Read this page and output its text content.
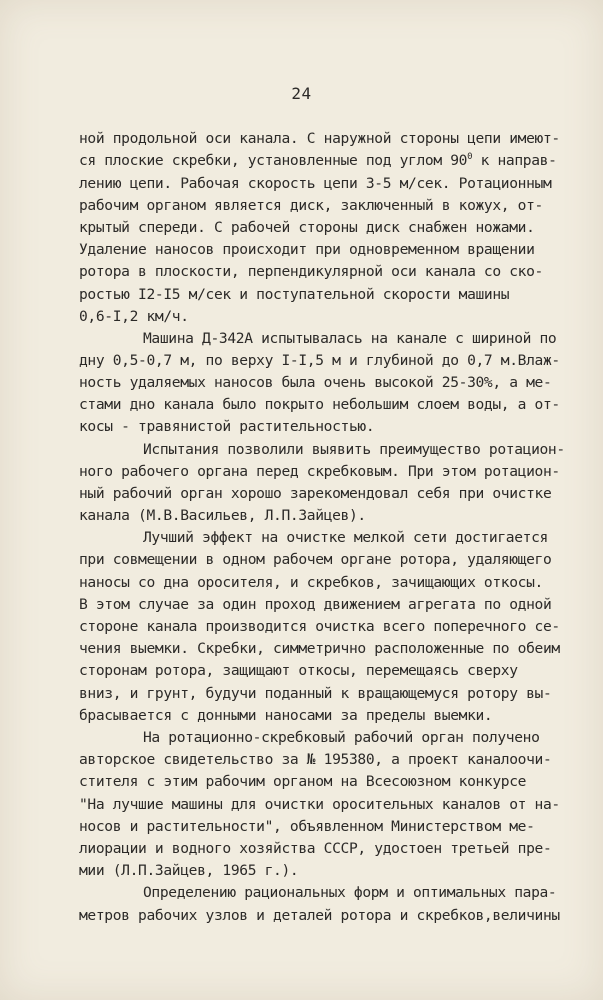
24
ной продольной оси канала. С наружной стороны цепи имеют-
ся плоские скребки, установленные под углом $90^0$ к направ-
лению цепи. Рабочая скорость цепи 3-5 м/сек. Ротационным
рабочим органом является диск, заключенный в кожух, от-
крытый спереди. С рабочей стороны диск снабжен ножами.
Удаление наносов происходит при одновременном вращении
ротора в плоскости, перпендикулярной оси канала со ско-
ростью I2-I5 м/сек и поступательной скорости машины
0,6-I,2 км/ч.
Машина Д-342А испытывалась на канале с шириной по
дну 0,5-0,7 м, по верху I-I,5 м и глубиной до 0,7 м.Влаж-
ность удаляемых наносов была очень высокой 25-30%, а ме-
стами дно канала было покрыто небольшим слоем воды, а от-
косы - травянистой растительностью.
Испытания позволили выявить преимущество ротацион-
ного рабочего органа перед скребковым. При этом ротацион-
ный рабочий орган хорошо зарекомендовал себя при очистке
канала (М.В.Васильев, Л.П.Зайцев).
Лучший эффект на очистке мелкой сети достигается
при совмещении в одном рабочем органе ротора, удаляющего
наносы со дна оросителя, и скребков, зачищающих откосы.
В этом случае за один проход движением агрегата по одной
стороне канала производится очистка всего поперечного се-
чения выемки. Скребки, симметрично расположенные по обеим
сторонам ротора, защищают откосы, перемещаясь сверху
вниз, и грунт, будучи поданный к вращающемуся ротору вы-
брасывается с донными наносами за пределы выемки.
На ротационно-скребковый рабочий орган получено
авторское свидетельство за № 195380, а проект каналоочи-
стителя с этим рабочим органом на Всесоюзном конкурсе
"На лучшие машины для очистки оросительных каналов от на-
носов и растительности", объявленном Министерством ме-
лиорации и водного хозяйства СССР, удостоен третьей пре-
мии (Л.П.Зайцев, 1965 г.).
Определению рациональных форм и оптимальных пара-
метров рабочих узлов и деталей ротора и скребков,величины
